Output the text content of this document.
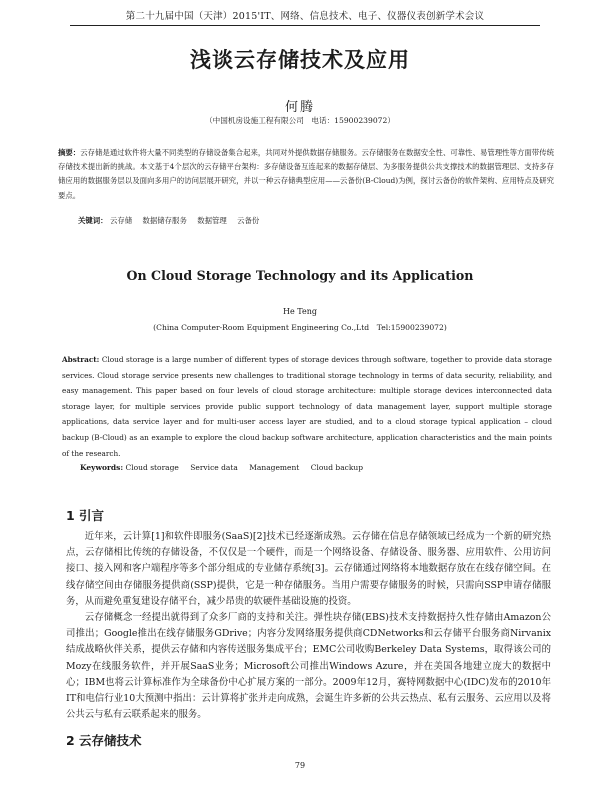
第二十九届中国（天津）2015'IT、网络、信息技术、电子、仪器仪表创新学术会议
浅谈云存储技术及应用
何腾
（中国机房设施工程有限公司　电话：15900239072）
摘要：云存储是通过软件将大量不同类型的存储设备集合起来，共同对外提供数据存储服务。云存储服务在数据安全性、可靠性、易管理性等方面带传统存储技术提出新的挑战。本文基于4个层次的云存储平台架构：多存储设备互连起来的数据存储层、为多服务提供公共支撑技术的数据管理层、支持多存储应用的数据服务层以及面向多用户的访问层展开研究，并以一种云存储典型应用——云备份(B-Cloud)为例，探讨云备份的软件架构、应用特点及研究要点。
关键词： 云存储 数据储存服务 数据管理 云备份
On Cloud Storage Technology and its Application
He Teng
(China Computer-Room Equipment Engineering Co.,Ltd　Tel:15900239072)
Abstract: Cloud storage is a large number of different types of storage devices through software, together to provide data storage services. Cloud storage service presents new challenges to traditional storage technology in terms of data security, reliability, and easy management. This paper based on four levels of cloud storage architecture: multiple storage devices interconnected data storage layer, for multiple services provide public support technology of data management layer, support multiple storage applications, data service layer and for multi-user access layer are studied, and to a cloud storage typical application – cloud backup (B-Cloud) as an example to explore the cloud backup software architecture, application characteristics and the main points of the research.
Keywords: Cloud storage Service data Management Cloud backup
1 引言

近年来，云计算[1]和软件即服务(SaaS)[2]技术已经逐渐成熟。云存储在信息存储领域已经成为一个新的研究热点，云存储相比传统的存储设备，不仅仅是一个硬件，而是一个网络设备、存储设备、服务器、应用软件、公用访问接口、接入网和客户端程序等多个部分组成的专业储存系统[3]。云存储通过网络将本地数据存放在在线存储空间。在线存储空间由存储服务提供商(SSP)提供，它是一种存储服务。当用户需要存储服务的时候，只需向SSP申请存储服务，从而避免重复建设存储平台，减少昂贵的软硬件基础设施的投资。

云存储概念一经提出就得到了众多厂商的支持和关注。弹性块存储(EBS)技术支持数据持久性存储由Amazon公司推出；Google推出在线存储服务GDrive；内容分发网络服务提供商CDNetworks和云存储平台服务商Nirvanix结成战略伙伴关系，提供云存储和内容传送服务集成平台；EMC公司收购Berkeley Data Systems，取得该公司的Mozy在线服务软件，并开展SaaS业务；Microsoft公司推出Windows Azure，并在美国各地建立庞大的数据中心；IBM也将云计算标准作为全球备份中心扩展方案的一部分。2009年12月，赛特网数据中心(IDC)发布的2010年IT和电信行业10大预测中指出：云计算将扩张并走向成熟，会诞生许多新的公共云热点、私有云服务、云应用以及将公共云与私有云联系起来的服务。

2 云存储技术
79
